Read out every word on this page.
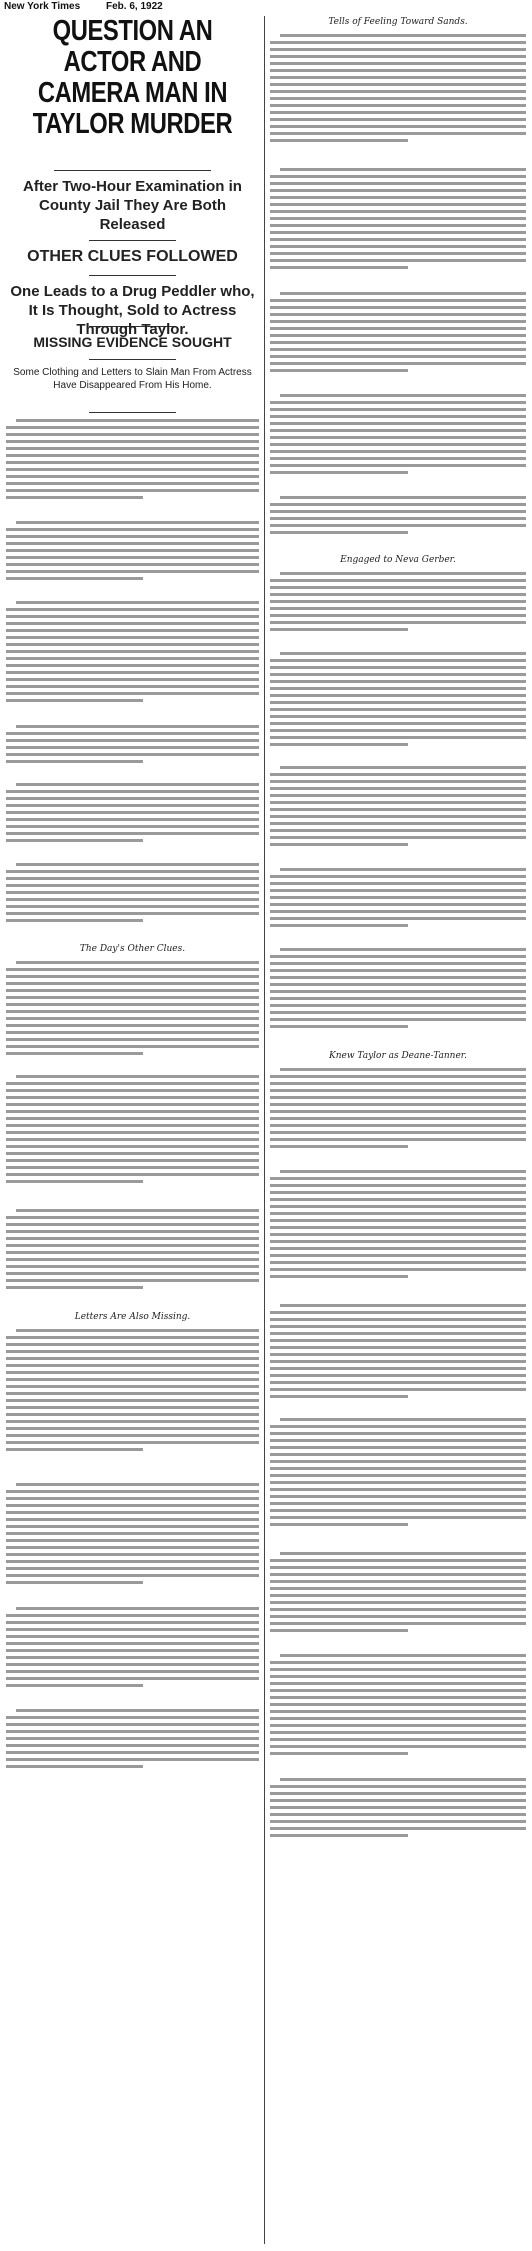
New York Times	Feb. 6, 1922
QUESTION AN ACTOR AND CAMERA MAN IN TAYLOR MURDER
After Two-Hour Examination in County Jail They Are Both Released
OTHER CLUES FOLLOWED
One Leads to a Drug Peddler who, It Is Thought, Sold to Actress Through Taylor.
MISSING EVIDENCE SOUGHT
Some Clothing and Letters to Slain Man From Actress Have Disappeared From His Home.
The Day's Other Clues.
Letters Are Also Missing.
Tells of Feeling Toward Sands.
Engaged to Neva Gerber.
Knew Taylor as Deane-Tanner.
